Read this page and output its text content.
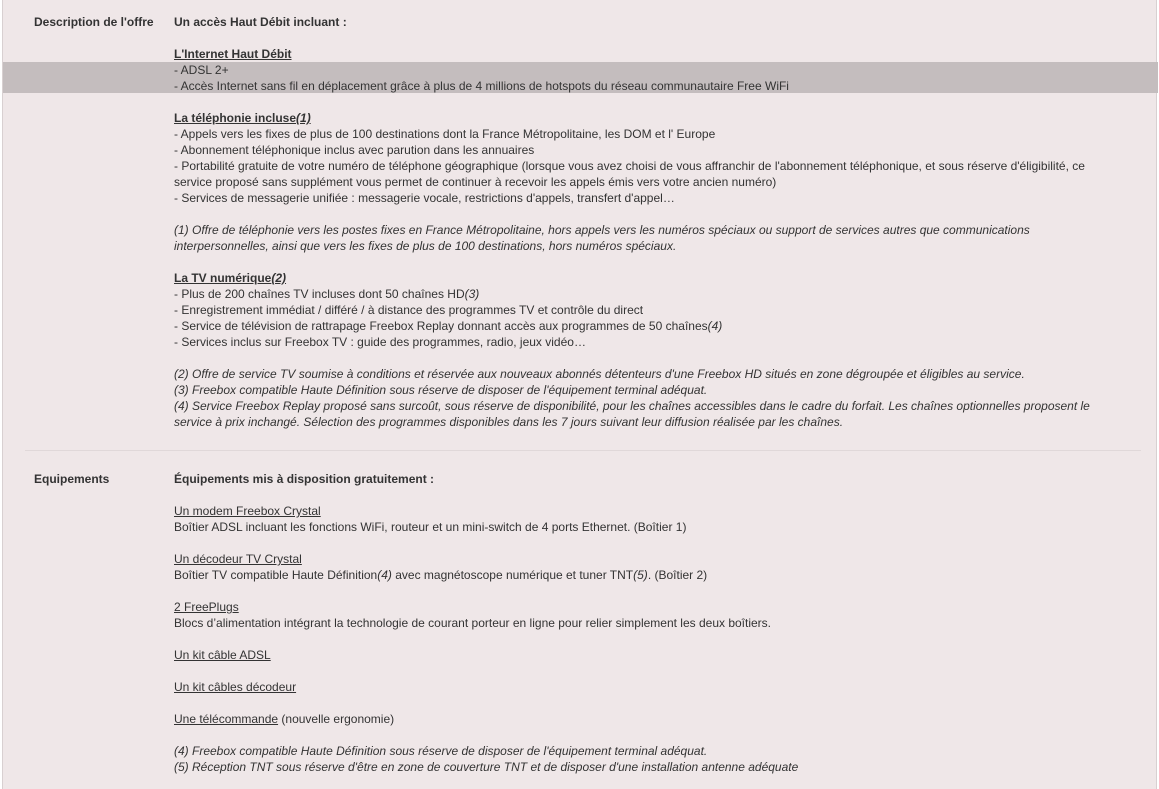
Description de l'offre Un accès Haut Débit incluant :
L'Internet Haut Débit
- ADSL 2+
- Accès Internet sans fil en déplacement grâce à plus de 4 millions de hotspots du réseau communautaire Free WiFi
La téléphonie incluse(1)
- Appels vers les fixes de plus de 100 destinations dont la France Métropolitaine, les DOM et l' Europe
- Abonnement téléphonique inclus avec parution dans les annuaires
- Portabilité gratuite de votre numéro de téléphone géographique (lorsque vous avez choisi de vous affranchir de l'abonnement téléphonique, et sous réserve d'éligibilité, ce service proposé sans supplément vous permet de continuer à recevoir les appels émis vers votre ancien numéro)
- Services de messagerie unifiée : messagerie vocale, restrictions d'appels, transfert d'appel…
(1) Offre de téléphonie vers les postes fixes en France Métropolitaine, hors appels vers les numéros spéciaux ou support de services autres que communications interpersonnelles, ainsi que vers les fixes de plus de 100 destinations, hors numéros spéciaux.
La TV numérique(2)
- Plus de 200 chaînes TV incluses dont 50 chaînes HD(3)
- Enregistrement immédiat / différé / à distance des programmes TV et contrôle du direct
- Service de télévision de rattrapage Freebox Replay donnant accès aux programmes de 50 chaînes(4)
- Services inclus sur Freebox TV : guide des programmes, radio, jeux vidéo…
(2) Offre de service TV soumise à conditions et réservée aux nouveaux abonnés détenteurs d'une Freebox HD situés en zone dégroupée et éligibles au service.
(3) Freebox compatible Haute Définition sous réserve de disposer de l'équipement terminal adéquat.
(4) Service Freebox Replay proposé sans surcoût, sous réserve de disponibilité, pour les chaînes accessibles dans le cadre du forfait. Les chaînes optionnelles proposent le service à prix inchangé. Sélection des programmes disponibles dans les 7 jours suivant leur diffusion réalisée par les chaînes.
Equipements	Équipements mis à disposition gratuitement :
Un modem Freebox Crystal
Boîtier ADSL incluant les fonctions WiFi, routeur et un mini-switch de 4 ports Ethernet. (Boîtier 1)
Un décodeur TV Crystal
Boîtier TV compatible Haute Définition(4) avec magnétoscope numérique et tuner TNT(5). (Boîtier 2)
2 FreePlugs
Blocs d’alimentation intégrant la technologie de courant porteur en ligne pour relier simplement les deux boîtiers.
Un kit câble ADSL
Un kit câbles décodeur
Une télécommande (nouvelle ergonomie)
(4) Freebox compatible Haute Définition sous réserve de disposer de l'équipement terminal adéquat.
(5) Réception TNT sous réserve d'être en zone de couverture TNT et de disposer d'une installation antenne adéquate
